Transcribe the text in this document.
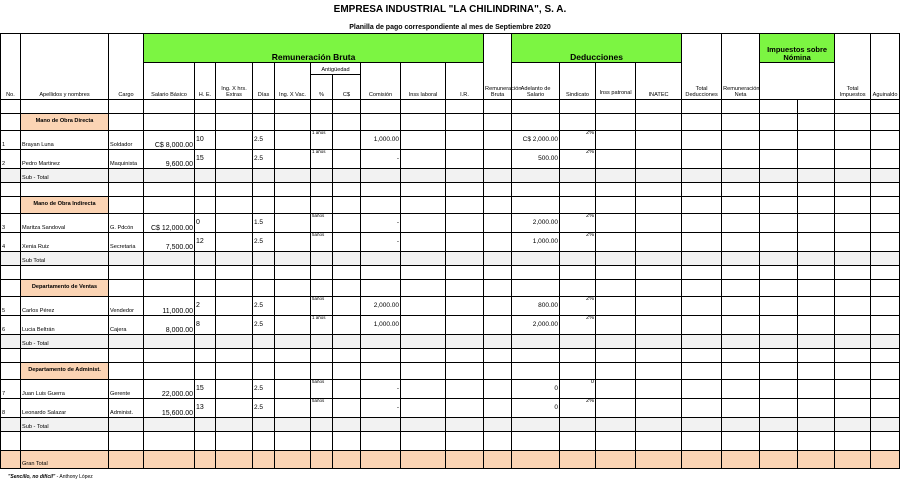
EMPRESA INDUSTRIAL "LA CHILINDRINA", S. A.
Planilla de pago correspondiente al mes de Septiembre 2020
No.	Apellidos y nombres	Cargo	Remuneración Bruta										Remuneración Bruta	Deducciones				Total Deducciones	Remuneración Neta	Impuestos sobre Nómina		Total Impuestos	Aguinaldo	
			Salario Básico	H. E.	Ing. X hrs. Extras	Días	Ing. X Vac.	Antigüedad		Comisión	Inss laboral	I.R.		Adelanto de Salario	Sindicato	Inss patronal	INATEC							
								%																
									C$															

	Mano de Obra Directa																							
1	Brayan Luna	Soldador	C$ 8,000.00	10		2.5		1 años		1,000.00				C$ 2,000.00	2%									
2	Pedro Martinez	Maquinista	9,600.00	15		2.5		1 años		-				500.00	2%									
	Sub - Total																							

	Mano de Obra Indirecta																							
3	Maritza Sandoval	G. Pdcón	C$ 12,000.00	0		1.5		5años		-				2,000.00	2%									
4	Xenia Ruiz	Secretaria	7,500.00	12		2.5		5años		-				1,000.00	2%									
	Sub Total																							

	Departamento de Ventas																							
5	Carlos Pérez	Vendedor	11,000.00	2		2.5		5años		2,000.00				800.00	2%									
6	Lucia Beltrán	Cajera	8,000.00	8		2.5		1 años		1,000.00				2,000.00	2%									
	Sub - Total																							

	Departamento de Administ.																							
7	Juan Luis Guerra	Gerente	22,000.00	15		2.5		5años		-				0	0									
8	Leonardo Salazar	Administ.	15,600.00	13		2.5		5años		-				0	2%									
	Sub - Total																							

	Gran Total																							
"Sencillo, no difícil" - Anthony López
